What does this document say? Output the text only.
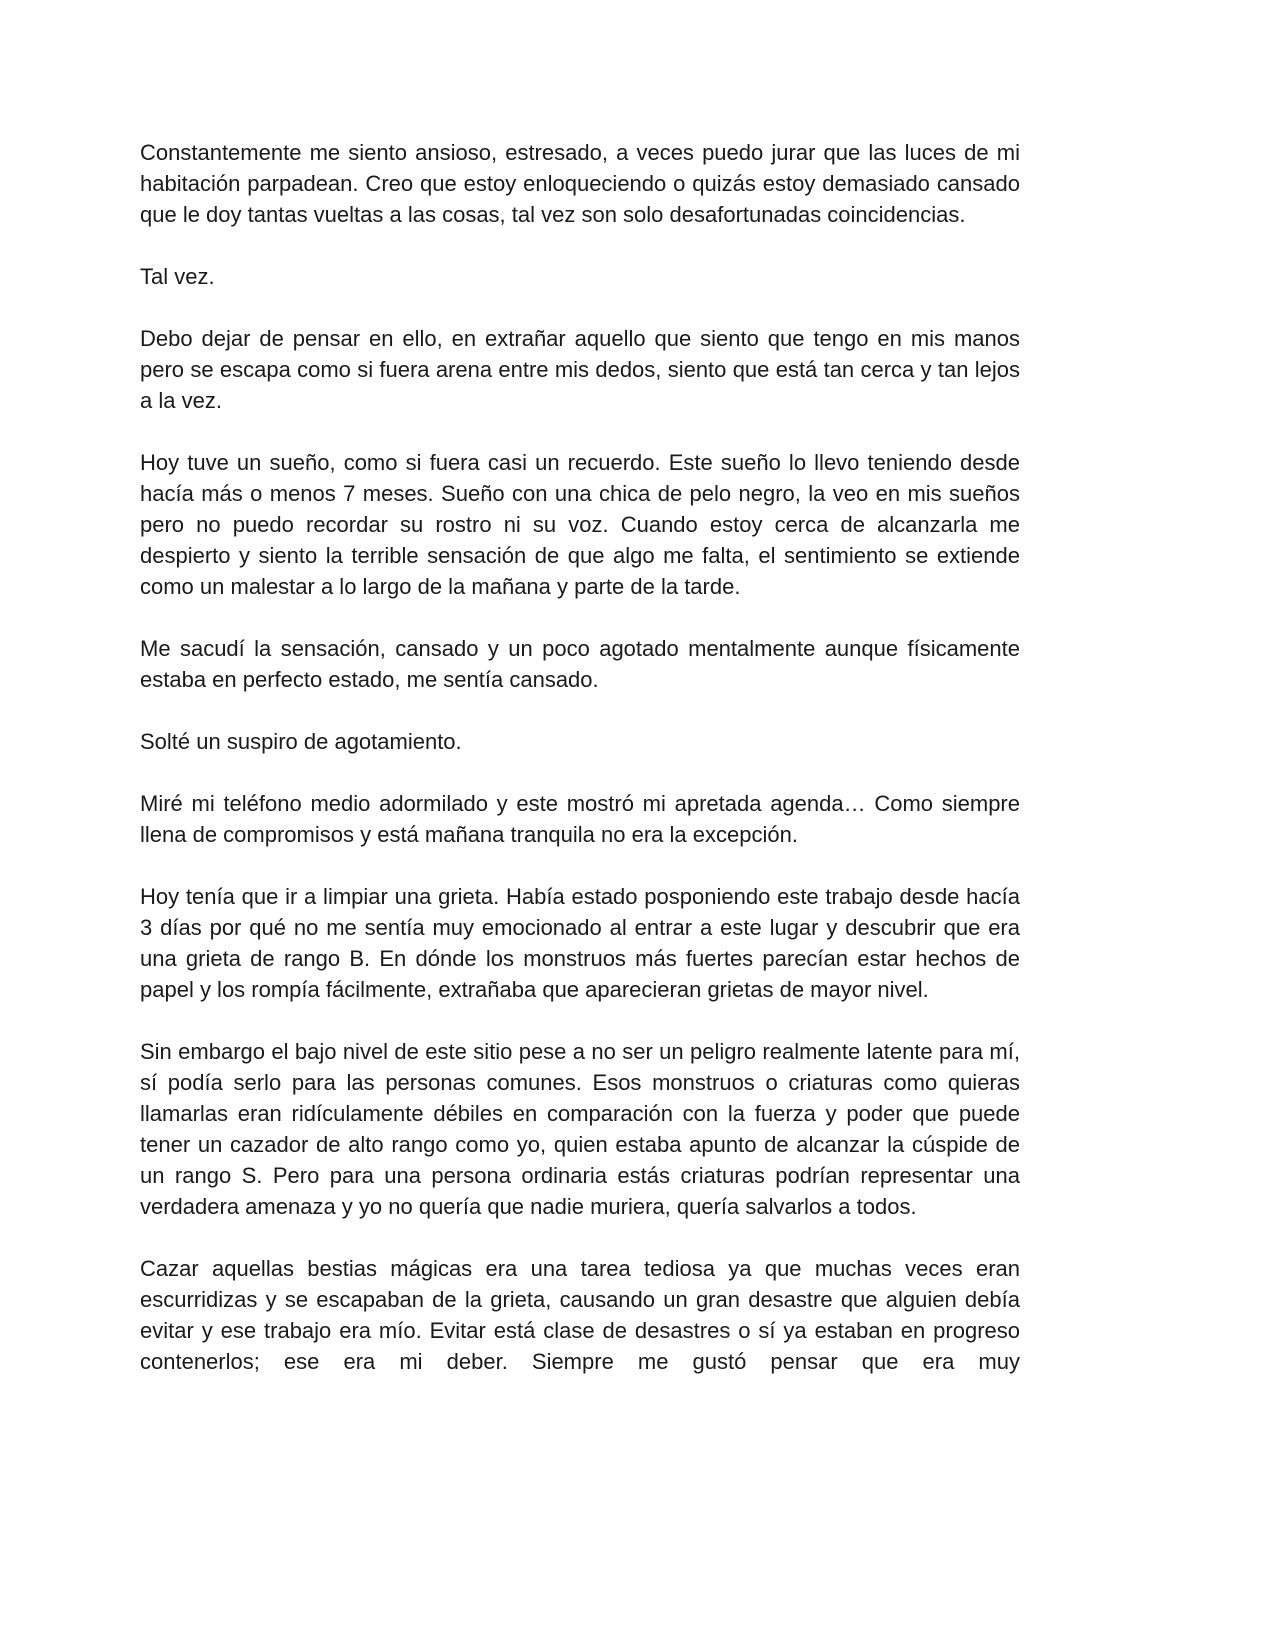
Constantemente me siento ansioso, estresado, a veces puedo jurar que las luces de mi habitación parpadean. Creo que estoy enloqueciendo o quizás estoy demasiado cansado que le doy tantas vueltas a las cosas, tal vez son solo desafortunadas coincidencias.

Tal vez.

Debo dejar de pensar en ello, en extrañar aquello que siento que tengo en mis manos pero se escapa como si fuera arena entre mis dedos, siento que está tan cerca y tan lejos a la vez.

Hoy tuve un sueño, como si fuera casi un recuerdo. Este sueño lo llevo teniendo desde hacía más o menos 7 meses. Sueño con una chica de pelo negro, la veo en mis sueños pero no puedo recordar su rostro ni su voz. Cuando estoy cerca de alcanzarla me despierto y siento la terrible sensación de que algo me falta, el sentimiento se extiende como un malestar a lo largo de la mañana y parte de la tarde.

Me sacudí la sensación, cansado y un poco agotado mentalmente aunque físicamente estaba en perfecto estado, me sentía cansado.

Solté un suspiro de agotamiento.

Miré mi teléfono medio adormilado y este mostró mi apretada agenda… Como siempre llena de compromisos y está mañana tranquila no era la excepción.

Hoy tenía que ir a limpiar una grieta. Había estado posponiendo este trabajo desde hacía 3 días por qué no me sentía muy emocionado al entrar a este lugar y descubrir que era una grieta de rango B. En dónde los monstruos más fuertes parecían estar hechos de papel y los rompía fácilmente, extrañaba que aparecieran grietas de mayor nivel.

Sin embargo el bajo nivel de este sitio pese a no ser un peligro realmente latente para mí, sí podía serlo para las personas comunes. Esos monstruos o criaturas como quieras llamarlas eran ridículamente débiles en comparación con la fuerza y poder que puede tener un cazador de alto rango como yo, quien estaba apunto de alcanzar la cúspide de un rango S. Pero para una persona ordinaria estás criaturas podrían representar una verdadera amenaza y yo no quería que nadie muriera, quería salvarlos a todos.

Cazar aquellas bestias mágicas era una tarea tediosa ya que muchas veces eran escurridizas y se escapaban de la grieta, causando un gran desastre que alguien debía evitar y ese trabajo era mío. Evitar está clase de desastres o sí ya estaban en progreso contenerlos; ese era mi deber. Siempre me gustó pensar que era muy
